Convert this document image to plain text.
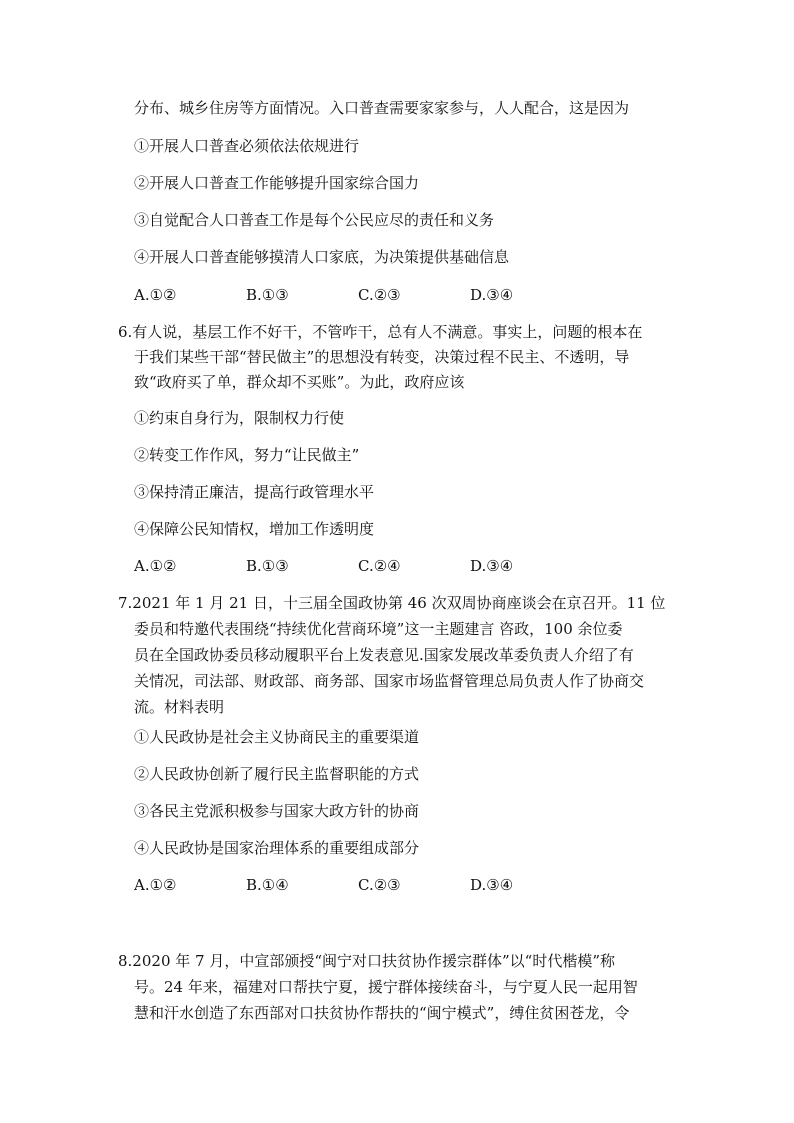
分布、城乡住房等方面情况。入口普查需要家家参与，人人配合，这是因为
①开展人口普查必须依法依规进行
②开展人口普查工作能够提升国家综合国力
③自觉配合人口普查工作是每个公民应尽的责任和义务
④开展人口普查能够摸清人口家底，为决策提供基础信息
A.①②	B.①③	C.②③	D.③④
6.有人说，基层工作不好干，不管咋干，总有人不满意。事实上，问题的根本在
于我们某些干部“替民做主”的思想没有转变，决策过程不民主、不透明，导
致“政府买了单，群众却不买账”。为此，政府应该
①约束自身行为，限制权力行使
②转变工作作风，努力“让民做主”
③保持清正廉洁，提高行政管理水平
④保障公民知情权，增加工作透明度
A.①②	B.①③	C.②④	D.③④
7.2021 年 1 月 21 日，十三届全国政协第 46 次双周协商座谈会在京召开。11 位
委员和特邀代表围绕“持续优化营商环境”这一主题建言 咨政，100 余位委
员在全国政协委员移动履职平台上发表意见.国家发展改革委负责人介绍了有
关情况，司法部、财政部、商务部、国家市场监督管理总局负责人作了协商交
流。材料表明
①人民政协是社会主义协商民主的重要渠道
②人民政协创新了履行民主监督职能的方式
③各民主党派积极参与国家大政方针的协商
④人民政协是国家治理体系的重要组成部分
A.①②	B.①④	C.②③	D.③④
8.2020 年 7 月，中宣部颁授“闽宁对口扶贫协作援宗群体”以“时代楷模”称
号。24 年来，福建对口帮扶宁夏，援宁群体接续奋斗，与宁夏人民一起用智
慧和汗水创造了东西部对口扶贫协作帮扶的“闽宁模式”，缚住贫困苍龙，令
